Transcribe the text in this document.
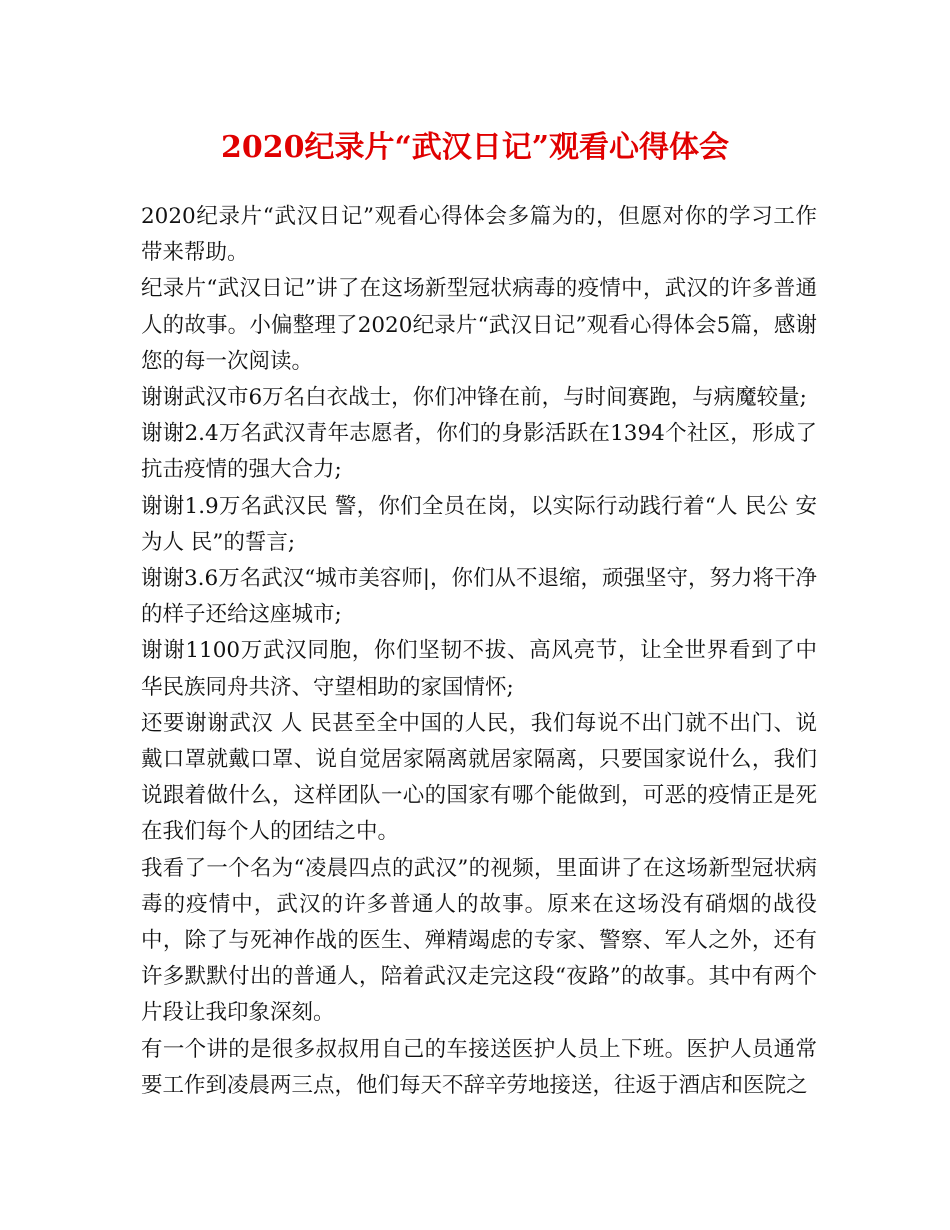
2020纪录片“武汉日记”观看心得体会

2020纪录片“武汉日记”观看心得体会多篇为的，但愿对你的学习工作带来帮助。

纪录片“武汉日记”讲了在这场新型冠状病毒的疫情中，武汉的许多普通人的故事。小偏整理了2020纪录片“武汉日记”观看心得体会5篇，感谢您的每一次阅读。

谢谢武汉市6万名白衣战士，你们冲锋在前，与时间赛跑，与病魔较量;

谢谢2.4万名武汉青年志愿者，你们的身影活跃在1394个社区，形成了抗击疫情的强大合力;

谢谢1.9万名武汉民 警，你们全员在岗，以实际行动践行着“人 民公 安为人 民”的誓言;

谢谢3.6万名武汉“城市美容师|，你们从不退缩，顽强坚守，努力将干净的样子还给这座城市;

谢谢1100万武汉同胞，你们坚韧不拔、高风亮节，让全世界看到了中华民族同舟共济、守望相助的家国情怀;

还要谢谢武汉 人 民甚至全中国的人民，我们每说不出门就不出门、说戴口罩就戴口罩、说自觉居家隔离就居家隔离，只要国家说什么，我们说跟着做什么，这样团队一心的国家有哪个能做到，可恶的疫情正是死在我们每个人的团结之中。

我看了一个名为“凌晨四点的武汉”的视频，里面讲了在这场新型冠状病毒的疫情中，武汉的许多普通人的故事。原来在这场没有硝烟的战役中，除了与死神作战的医生、殚精竭虑的专家、警察、军人之外，还有许多默默付出的普通人，陪着武汉走完这段“夜路”的故事。其中有两个片段让我印象深刻。

有一个讲的是很多叔叔用自己的车接送医护人员上下班。医护人员通常要工作到凌晨两三点，他们每天不辞辛劳地接送，往返于酒店和医院之
